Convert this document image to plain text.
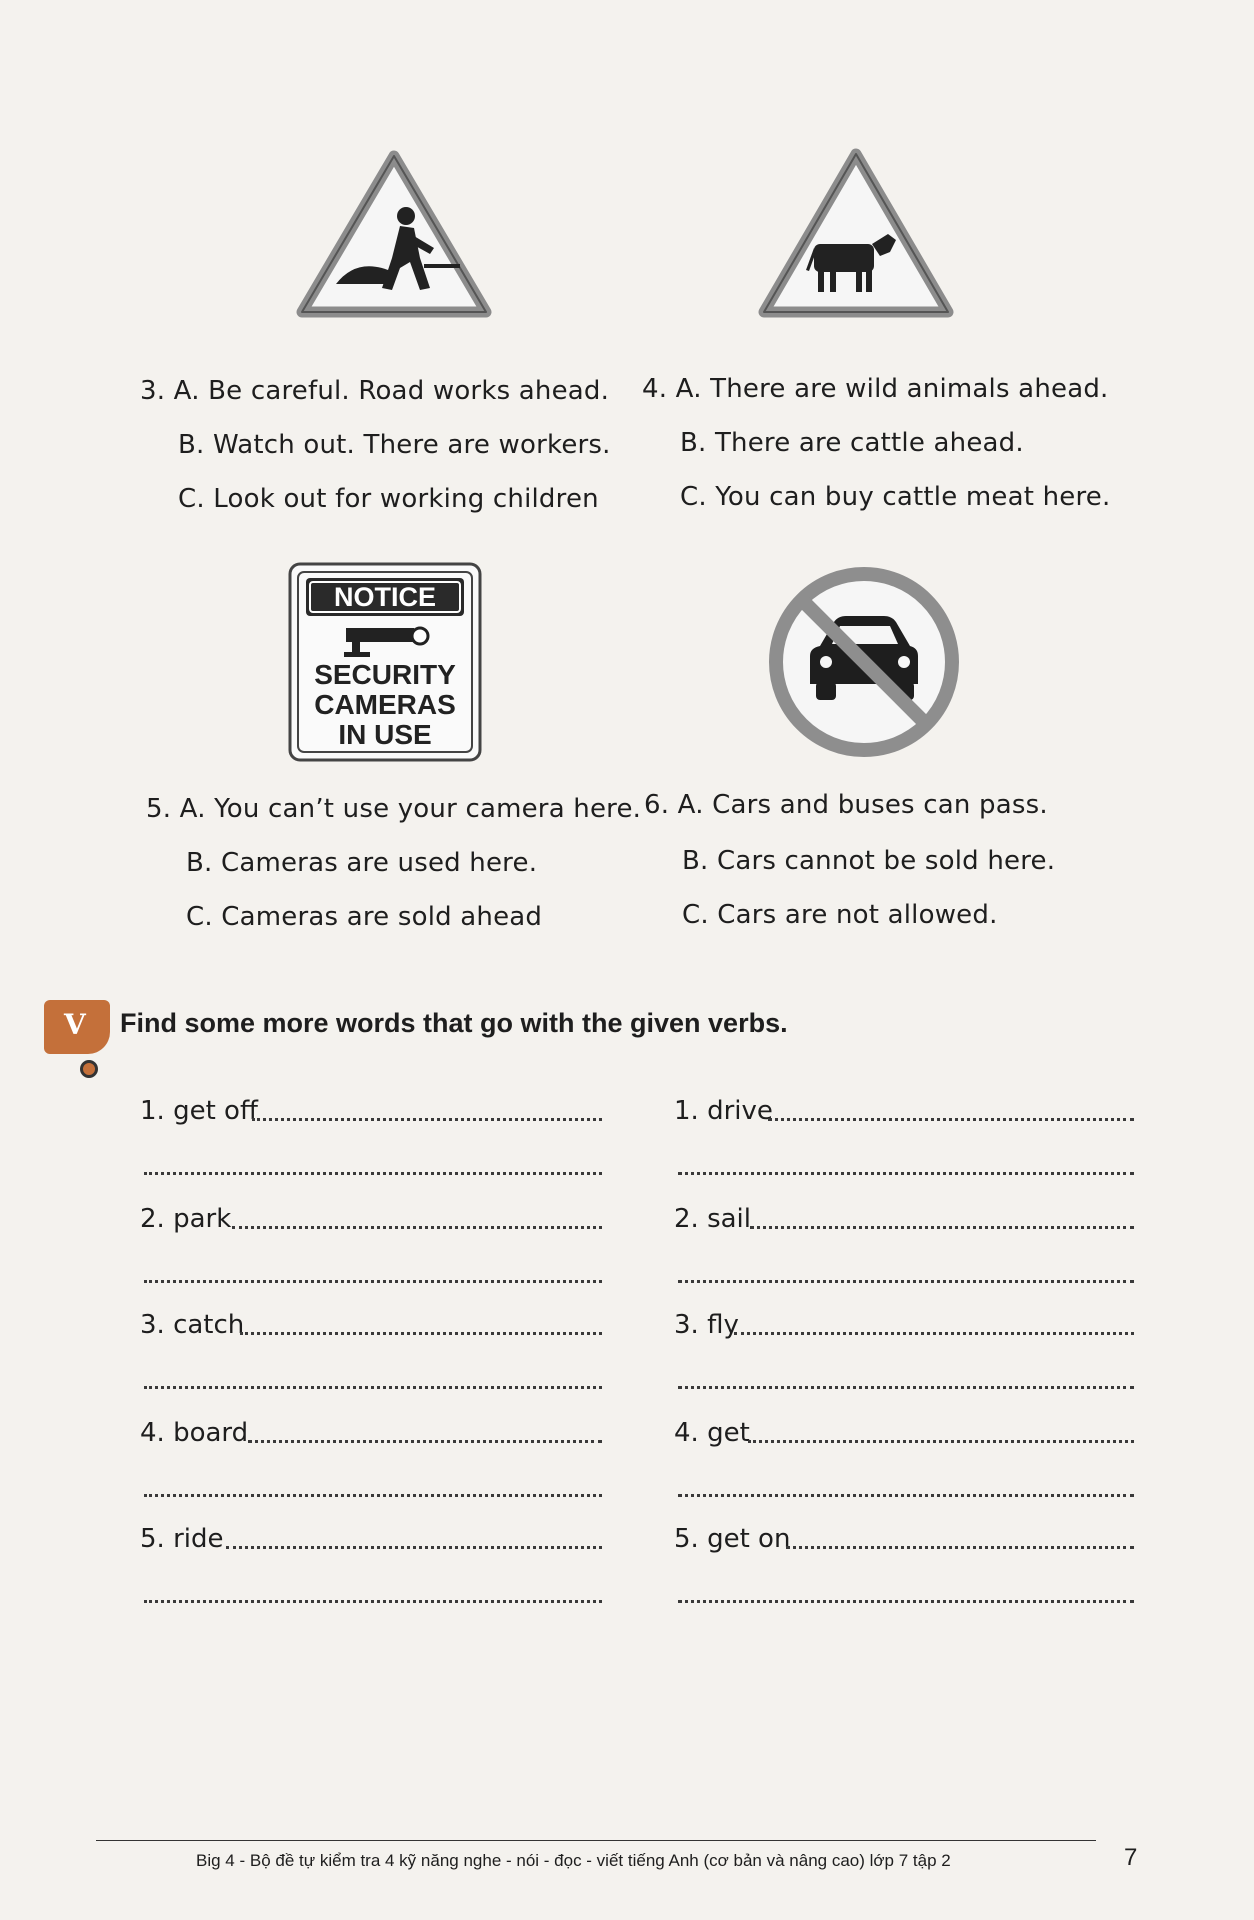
3. A. Be careful. Road works ahead.
B. Watch out. There are workers.
C. Look out for working children
4. A. There are wild animals ahead.
B. There are cattle ahead.
C. You can buy cattle meat here.
NOTICE
SECURITY
CAMERAS
IN USE
5. A. You can’t use your camera here.
B. Cameras are used here.
C. Cameras are sold ahead
6. A. Cars and buses can pass.
B. Cars cannot be sold here.
C. Cars are not allowed.
V Find some more words that go with the given verbs.
1. get off
2. park
3. catch
4. board
5. ride
1. drive
2. sail
3. fly
4. get
5. get on
Big 4 - Bộ đề tự kiểm tra 4 kỹ năng nghe - nói - đọc - viết tiếng Anh (cơ bản và nâng cao) lớp 7 tập 2	7
